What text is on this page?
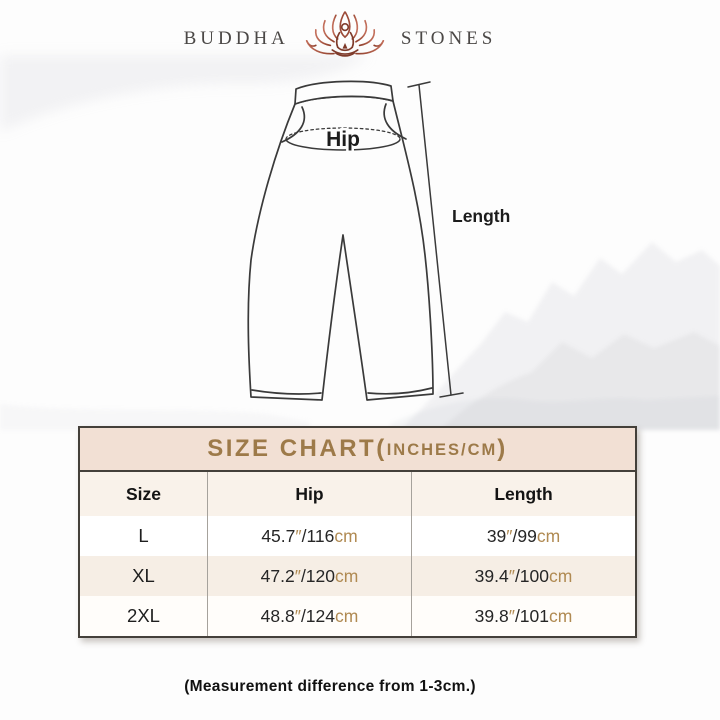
BUDDHA	STONES
Hip
Length
SIZE CHART( INCHES/CM )
Size	Hip	Length
L	45.7 ″ /116 cm	39 ″ /99 cm
XL	47.2 ″ /120 cm	39.4 ″ /100 cm
2XL	48.8 ″ /124 cm	39.8 ″ /101 cm
(Measurement difference from 1-3cm.)
